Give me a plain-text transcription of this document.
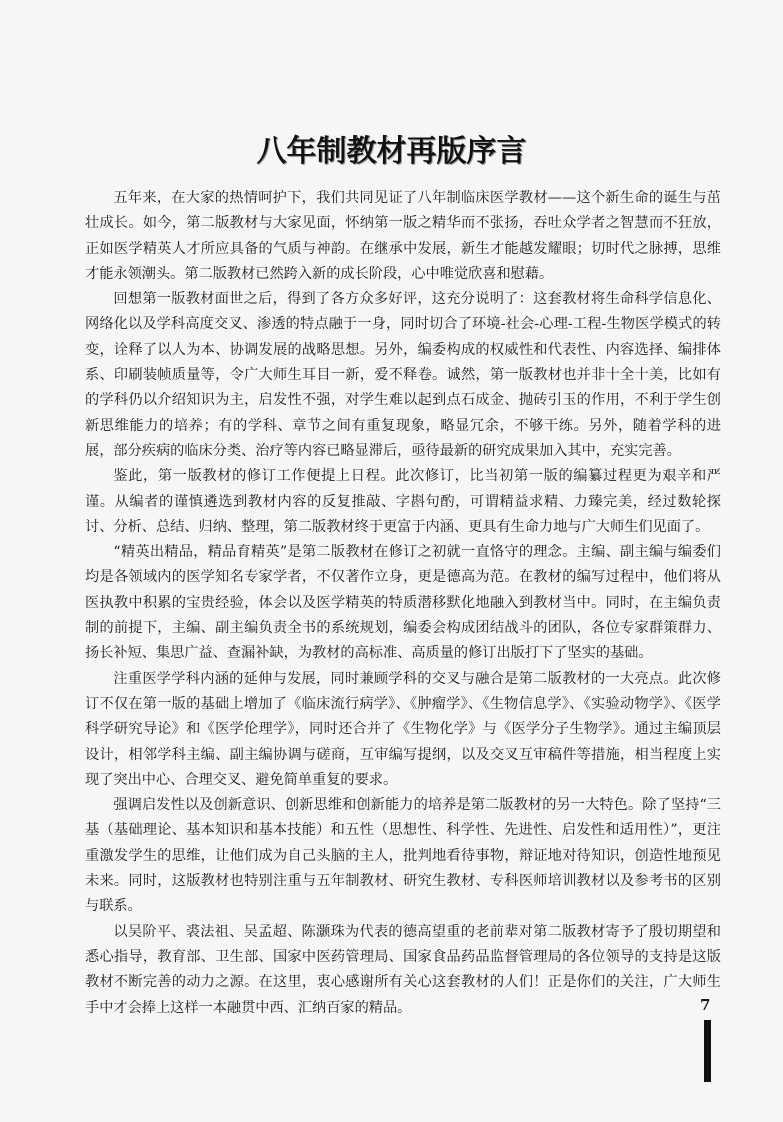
八年制教材再版序言

五年来，在大家的热情呵护下，我们共同见证了八年制临床医学教材——这个新生命的诞生与茁壮成长。如今，第二版教材与大家见面，怀纳第一版之精华而不张扬，吞吐众学者之智慧而不狂放，正如医学精英人才所应具备的气质与神韵。在继承中发展，新生才能越发耀眼；切时代之脉搏，思维才能永领潮头。第二版教材已然跨入新的成长阶段，心中唯觉欣喜和慰藉。

回想第一版教材面世之后，得到了各方众多好评，这充分说明了：这套教材将生命科学信息化、网络化以及学科高度交叉、渗透的特点融于一身，同时切合了环境-社会-心理-工程-生物医学模式的转变，诠释了以人为本、协调发展的战略思想。另外，编委构成的权威性和代表性、内容选择、编排体系、印刷装帧质量等，令广大师生耳目一新，爱不释卷。诚然，第一版教材也并非十全十美，比如有的学科仍以介绍知识为主，启发性不强，对学生难以起到点石成金、抛砖引玉的作用，不利于学生创新思维能力的培养；有的学科、章节之间有重复现象，略显冗余，不够干练。另外，随着学科的进展，部分疾病的临床分类、治疗等内容已略显滞后，亟待最新的研究成果加入其中，充实完善。

鉴此，第一版教材的修订工作便提上日程。此次修订，比当初第一版的编纂过程更为艰辛和严谨。从编者的谨慎遴选到教材内容的反复推敲、字斟句酌，可谓精益求精、力臻完美，经过数轮探讨、分析、总结、归纳、整理，第二版教材终于更富于内涵、更具有生命力地与广大师生们见面了。

“精英出精品，精品育精英”是第二版教材在修订之初就一直恪守的理念。主编、副主编与编委们均是各领域内的医学知名专家学者，不仅著作立身，更是德高为范。在教材的编写过程中，他们将从医执教中积累的宝贵经验，体会以及医学精英的特质潜移默化地融入到教材当中。同时，在主编负责制的前提下，主编、副主编负责全书的系统规划，编委会构成团结战斗的团队，各位专家群策群力、扬长补短、集思广益、查漏补缺，为教材的高标准、高质量的修订出版打下了坚实的基础。

注重医学学科内涵的延伸与发展，同时兼顾学科的交叉与融合是第二版教材的一大亮点。此次修订不仅在第一版的基础上增加了《临床流行病学》、《肿瘤学》、《生物信息学》、《实验动物学》、《医学科学研究导论》和《医学伦理学》，同时还合并了《生物化学》与《医学分子生物学》。通过主编顶层设计，相邻学科主编、副主编协调与磋商，互审编写提纲，以及交叉互审稿件等措施，相当程度上实现了突出中心、合理交叉、避免简单重复的要求。

强调启发性以及创新意识、创新思维和创新能力的培养是第二版教材的另一大特色。除了坚持“三基（基础理论、基本知识和基本技能）和五性（思想性、科学性、先进性、启发性和适用性）”，更注重激发学生的思维，让他们成为自己头脑的主人，批判地看待事物，辩证地对待知识，创造性地预见未来。同时，这版教材也特别注重与五年制教材、研究生教材、专科医师培训教材以及参考书的区别与联系。

以吴阶平、裘法祖、吴孟超、陈灏珠为代表的德高望重的老前辈对第二版教材寄予了殷切期望和悉心指导，教育部、卫生部、国家中医药管理局、国家食品药品监督管理局的各位领导的支持是这版教材不断完善的动力之源。在这里，衷心感谢所有关心这套教材的人们！正是你们的关注，广大师生手中才会捧上这样一本融贯中西、汇纳百家的精品。	7
